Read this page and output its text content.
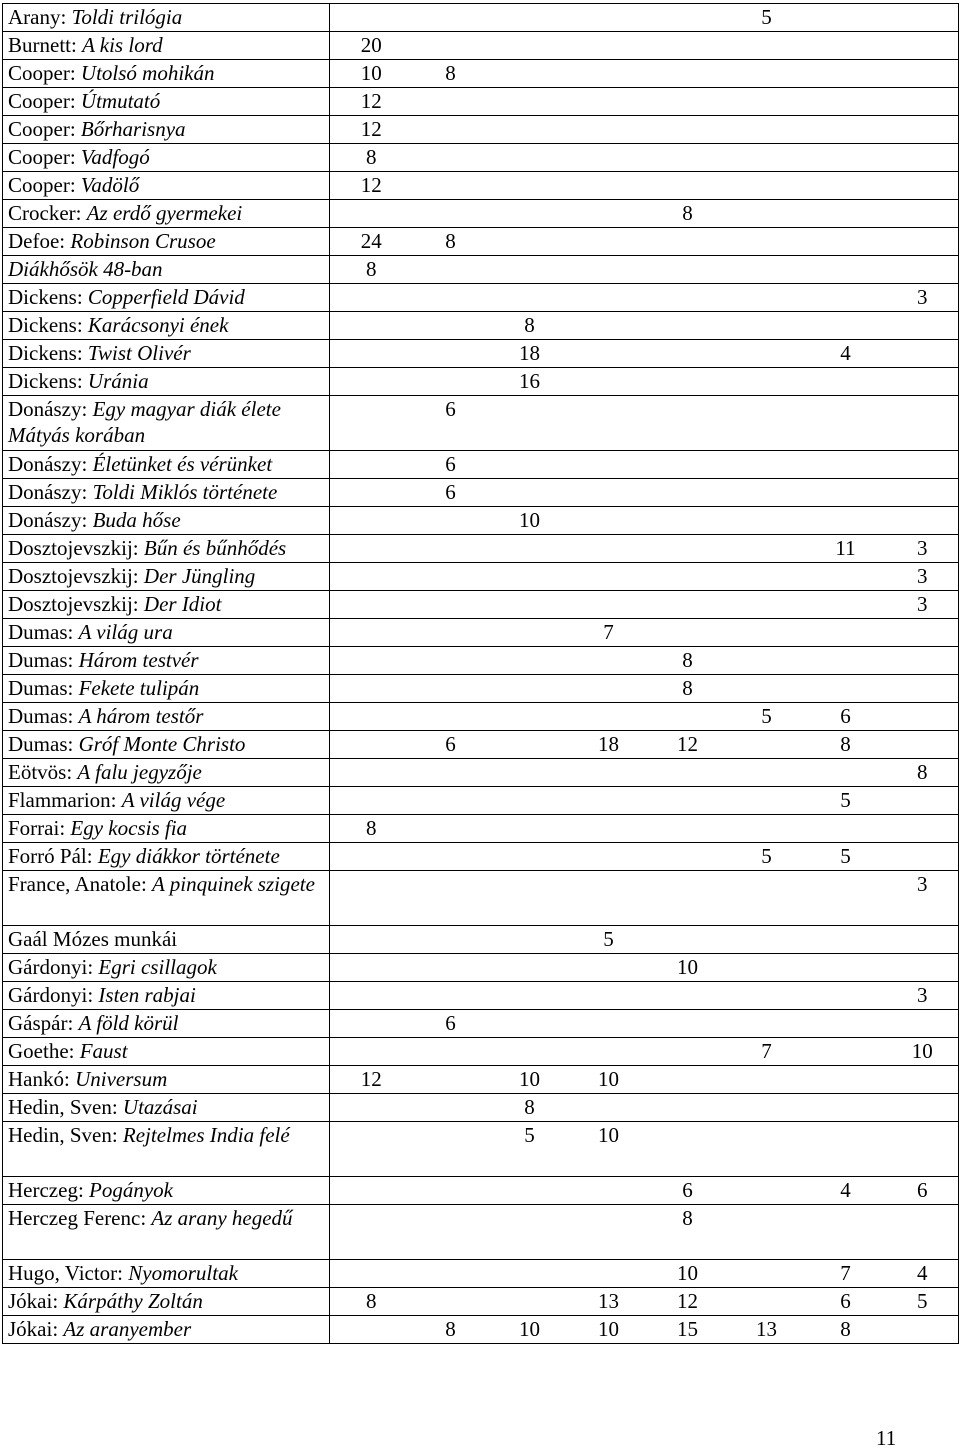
Arany: Toldi trilógia						5		
Burnett: A kis lord	20							
Cooper: Utolsó mohikán	10	8						
Cooper: Útmutató	12							
Cooper: Bőrharisnya	12							
Cooper: Vadfogó	8							
Cooper: Vadölő	12							
Crocker: Az erdő gyermekei					8			
Defoe: Robinson Crusoe	24	8						
Diákhősök 48-ban	8							
Dickens: Copperfield Dávid								3
Dickens: Karácsonyi ének			8					
Dickens: Twist Olivér			18				4	
Dickens: Uránia			16					
Donászy: Egy magyar diák élete Mátyás korában		6						
Donászy: Életünket és vérünket		6						
Donászy: Toldi Miklós története		6						
Donászy: Buda hőse			10					
Dosztojevszkij: Bűn és bűnhődés							11	3
Dosztojevszkij: Der Jüngling								3
Dosztojevszkij: Der Idiot								3
Dumas: A világ ura				7				
Dumas: Három testvér					8			
Dumas: Fekete tulipán					8			
Dumas: A három testőr						5	6	
Dumas: Gróf Monte Christo		6		18	12		8	
Eötvös: A falu jegyzője								8
Flammarion: A világ vége							5	
Forrai: Egy kocsis fia	8							
Forró Pál: Egy diákkor története						5	5	
France, Anatole: A pinquinek szigete								3
Gaál Mózes munkái				5				
Gárdonyi: Egri csillagok					10			
Gárdonyi: Isten rabjai								3
Gáspár: A föld körül		6						
Goethe: Faust						7		10
Hankó: Universum	12		10	10				
Hedin, Sven: Utazásai			8					
Hedin, Sven: Rejtelmes India felé			5	10				
Herczeg: Pogányok					6		4	6
Herczeg Ferenc: Az arany hegedű					8			
Hugo, Victor: Nyomorultak					10		7	4
Jókai: Kárpáthy Zoltán	8			13	12		6	5
Jókai: Az aranyember		8	10	10	15	13	8	
11
